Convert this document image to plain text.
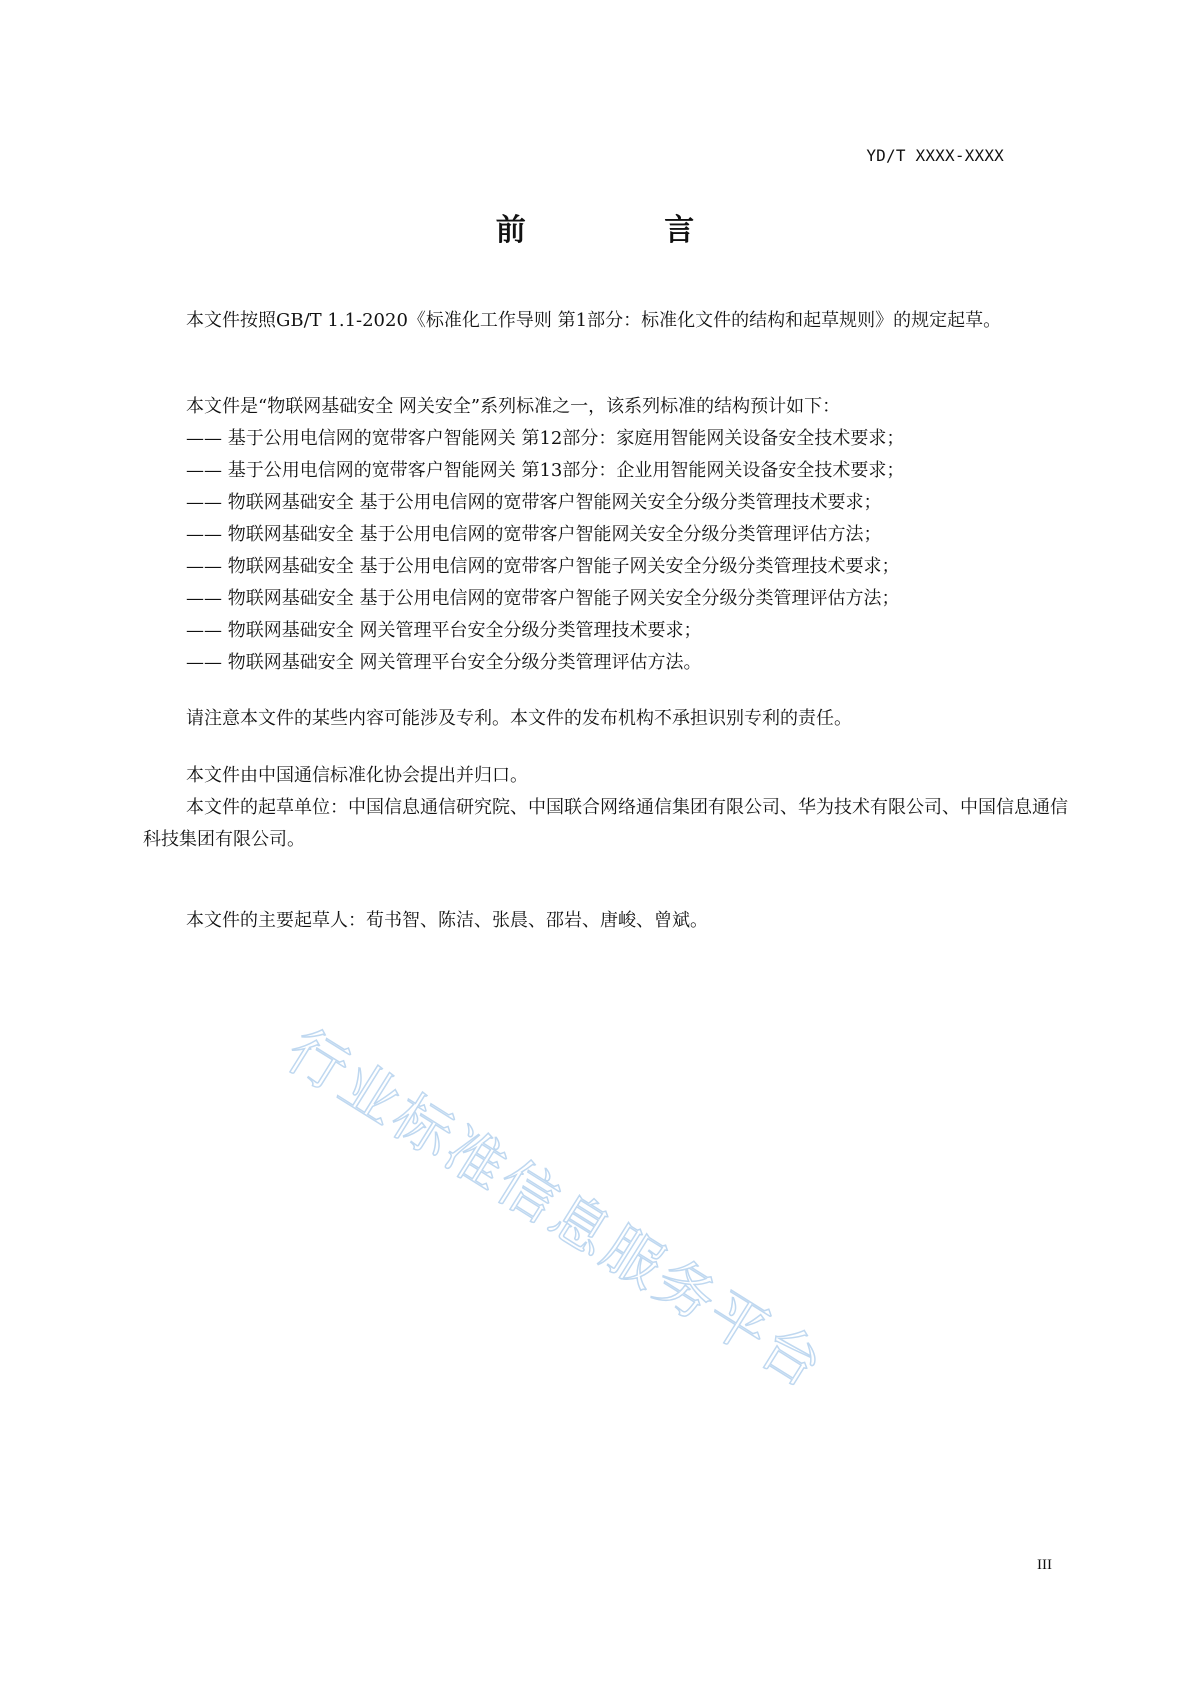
YD/T XXXX-XXXX
前 言

本文件按照GB/T 1.1-2020《标准化工作导则 第1部分：标准化文件的结构和起草规则》的规定起草。

本文件是“物联网基础安全 网关安全”系列标准之一，该系列标准的结构预计如下：

—— 基于公用电信网的宽带客户智能网关 第12部分：家庭用智能网关设备安全技术要求；

—— 基于公用电信网的宽带客户智能网关 第13部分：企业用智能网关设备安全技术要求；

—— 物联网基础安全 基于公用电信网的宽带客户智能网关安全分级分类管理技术要求；

—— 物联网基础安全 基于公用电信网的宽带客户智能网关安全分级分类管理评估方法；

—— 物联网基础安全 基于公用电信网的宽带客户智能子网关安全分级分类管理技术要求；

—— 物联网基础安全 基于公用电信网的宽带客户智能子网关安全分级分类管理评估方法；

—— 物联网基础安全 网关管理平台安全分级分类管理技术要求；

—— 物联网基础安全 网关管理平台安全分级分类管理评估方法。

请注意本文件的某些内容可能涉及专利。本文件的发布机构不承担识别专利的责任。

本文件由中国通信标准化协会提出并归口。

本文件的起草单位：中国信息通信研究院、中国联合网络通信集团有限公司、华为技术有限公司、中国信息通信科技集团有限公司。

本文件的主要起草人：荀书智、陈洁、张晨、邵岩、唐峻、曾斌。

行业标准信息服务平台
III
